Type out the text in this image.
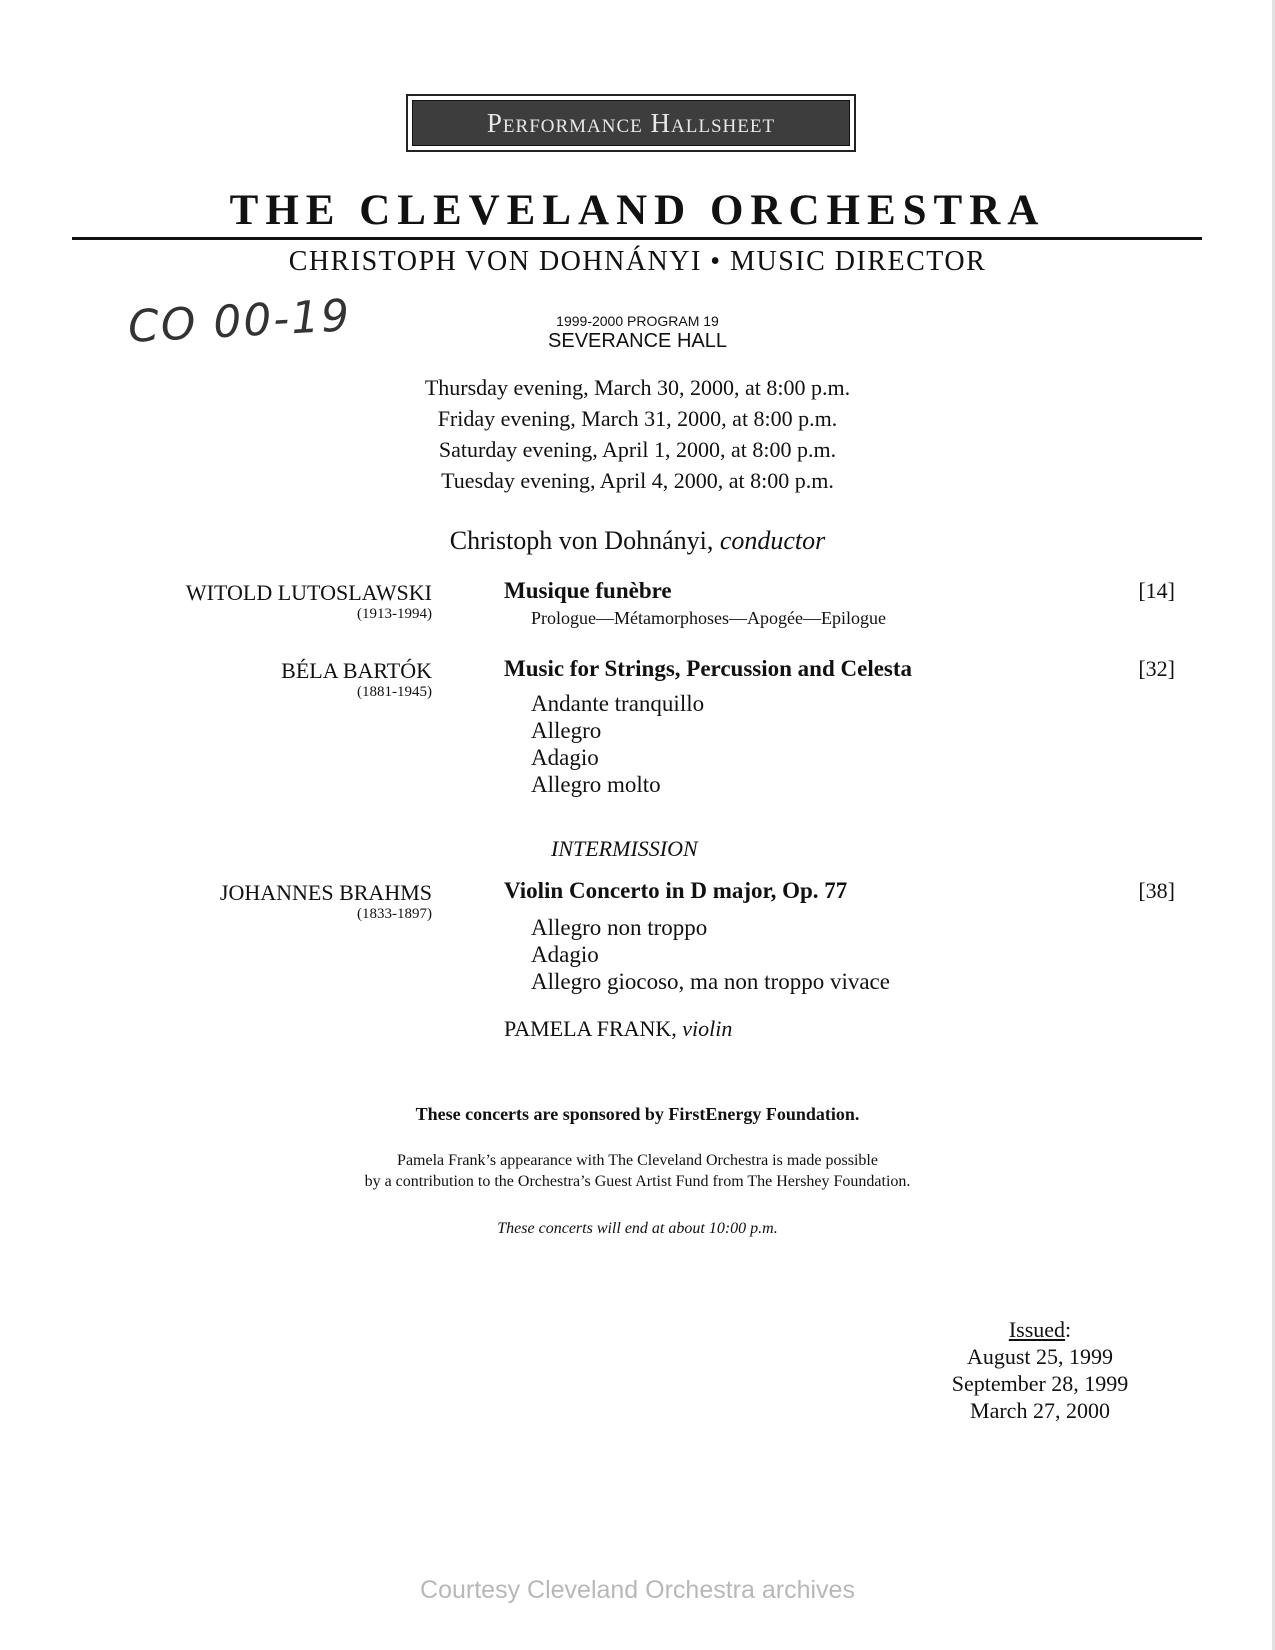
Performance Hallsheet
THE CLEVELAND ORCHESTRA
CHRISTOPH VON DOHNÁNYI • MUSIC DIRECTOR
CO 00-19	1999-2000 PROGRAM 19
SEVERANCE HALL
Thursday evening, March 30, 2000, at 8:00 p.m.
Friday evening, March 31, 2000, at 8:00 p.m.
Saturday evening, April 1, 2000, at 8:00 p.m.
Tuesday evening, April 4, 2000, at 8:00 p.m.
Christoph von Dohnányi, conductor
WITOLD LUTOSLAWSKI
(1913-1994)
Musique funèbre	[14]
Prologue—Métamorphoses—Apogée—Epilogue
BÉLA BARTÓK
(1881-1945)
Music for Strings, Percussion and Celesta	[32]
Andante tranquillo
Allegro
Adagio
Allegro molto
INTERMISSION
JOHANNES BRAHMS
(1833-1897)
Violin Concerto in D major, Op. 77	[38]
Allegro non troppo
Adagio
Allegro giocoso, ma non troppo vivace
PAMELA FRANK, violin
These concerts are sponsored by FirstEnergy Foundation.
Pamela Frank’s appearance with The Cleveland Orchestra is made possible
by a contribution to the Orchestra’s Guest Artist Fund from The Hershey Foundation.
These concerts will end at about 10:00 p.m.
Issued:
August 25, 1999
September 28, 1999
March 27, 2000
Courtesy Cleveland Orchestra archives
